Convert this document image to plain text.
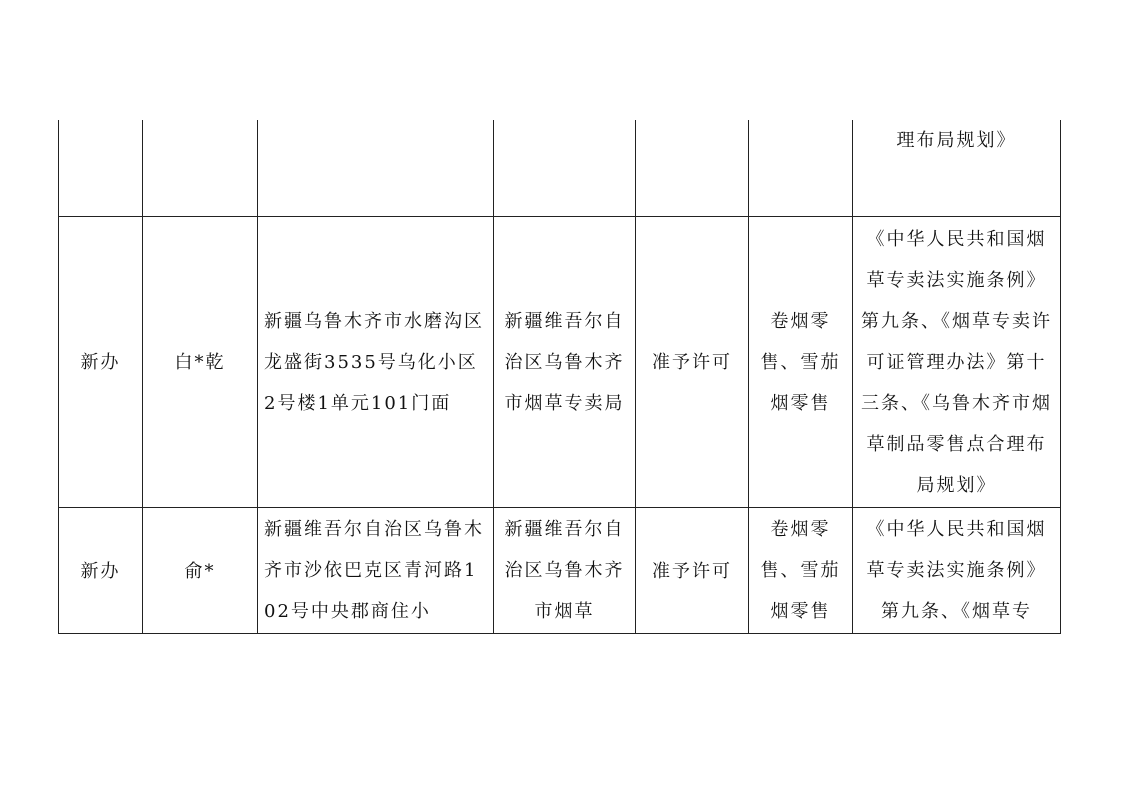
						理布局规划》

新办	白*乾	新疆乌鲁木齐市水磨沟区龙盛街3535号乌化小区2号楼1单元101门面	新疆维吾尔自治区乌鲁木齐市烟草专卖局	准予许可	卷烟零售、雪茄烟零售	《中华人民共和国烟草专卖法实施条例》第九条、《烟草专卖许可证管理办法》第十三条、《乌鲁木齐市烟草制品零售点合理布局规划》

新办	俞*	新疆维吾尔自治区乌鲁木齐市沙依巴克区青河路102号中央郡商住小	新疆维吾尔自治区乌鲁木齐市烟草	准予许可	卷烟零售、雪茄烟零售	《中华人民共和国烟草专卖法实施条例》第九条、《烟草专
